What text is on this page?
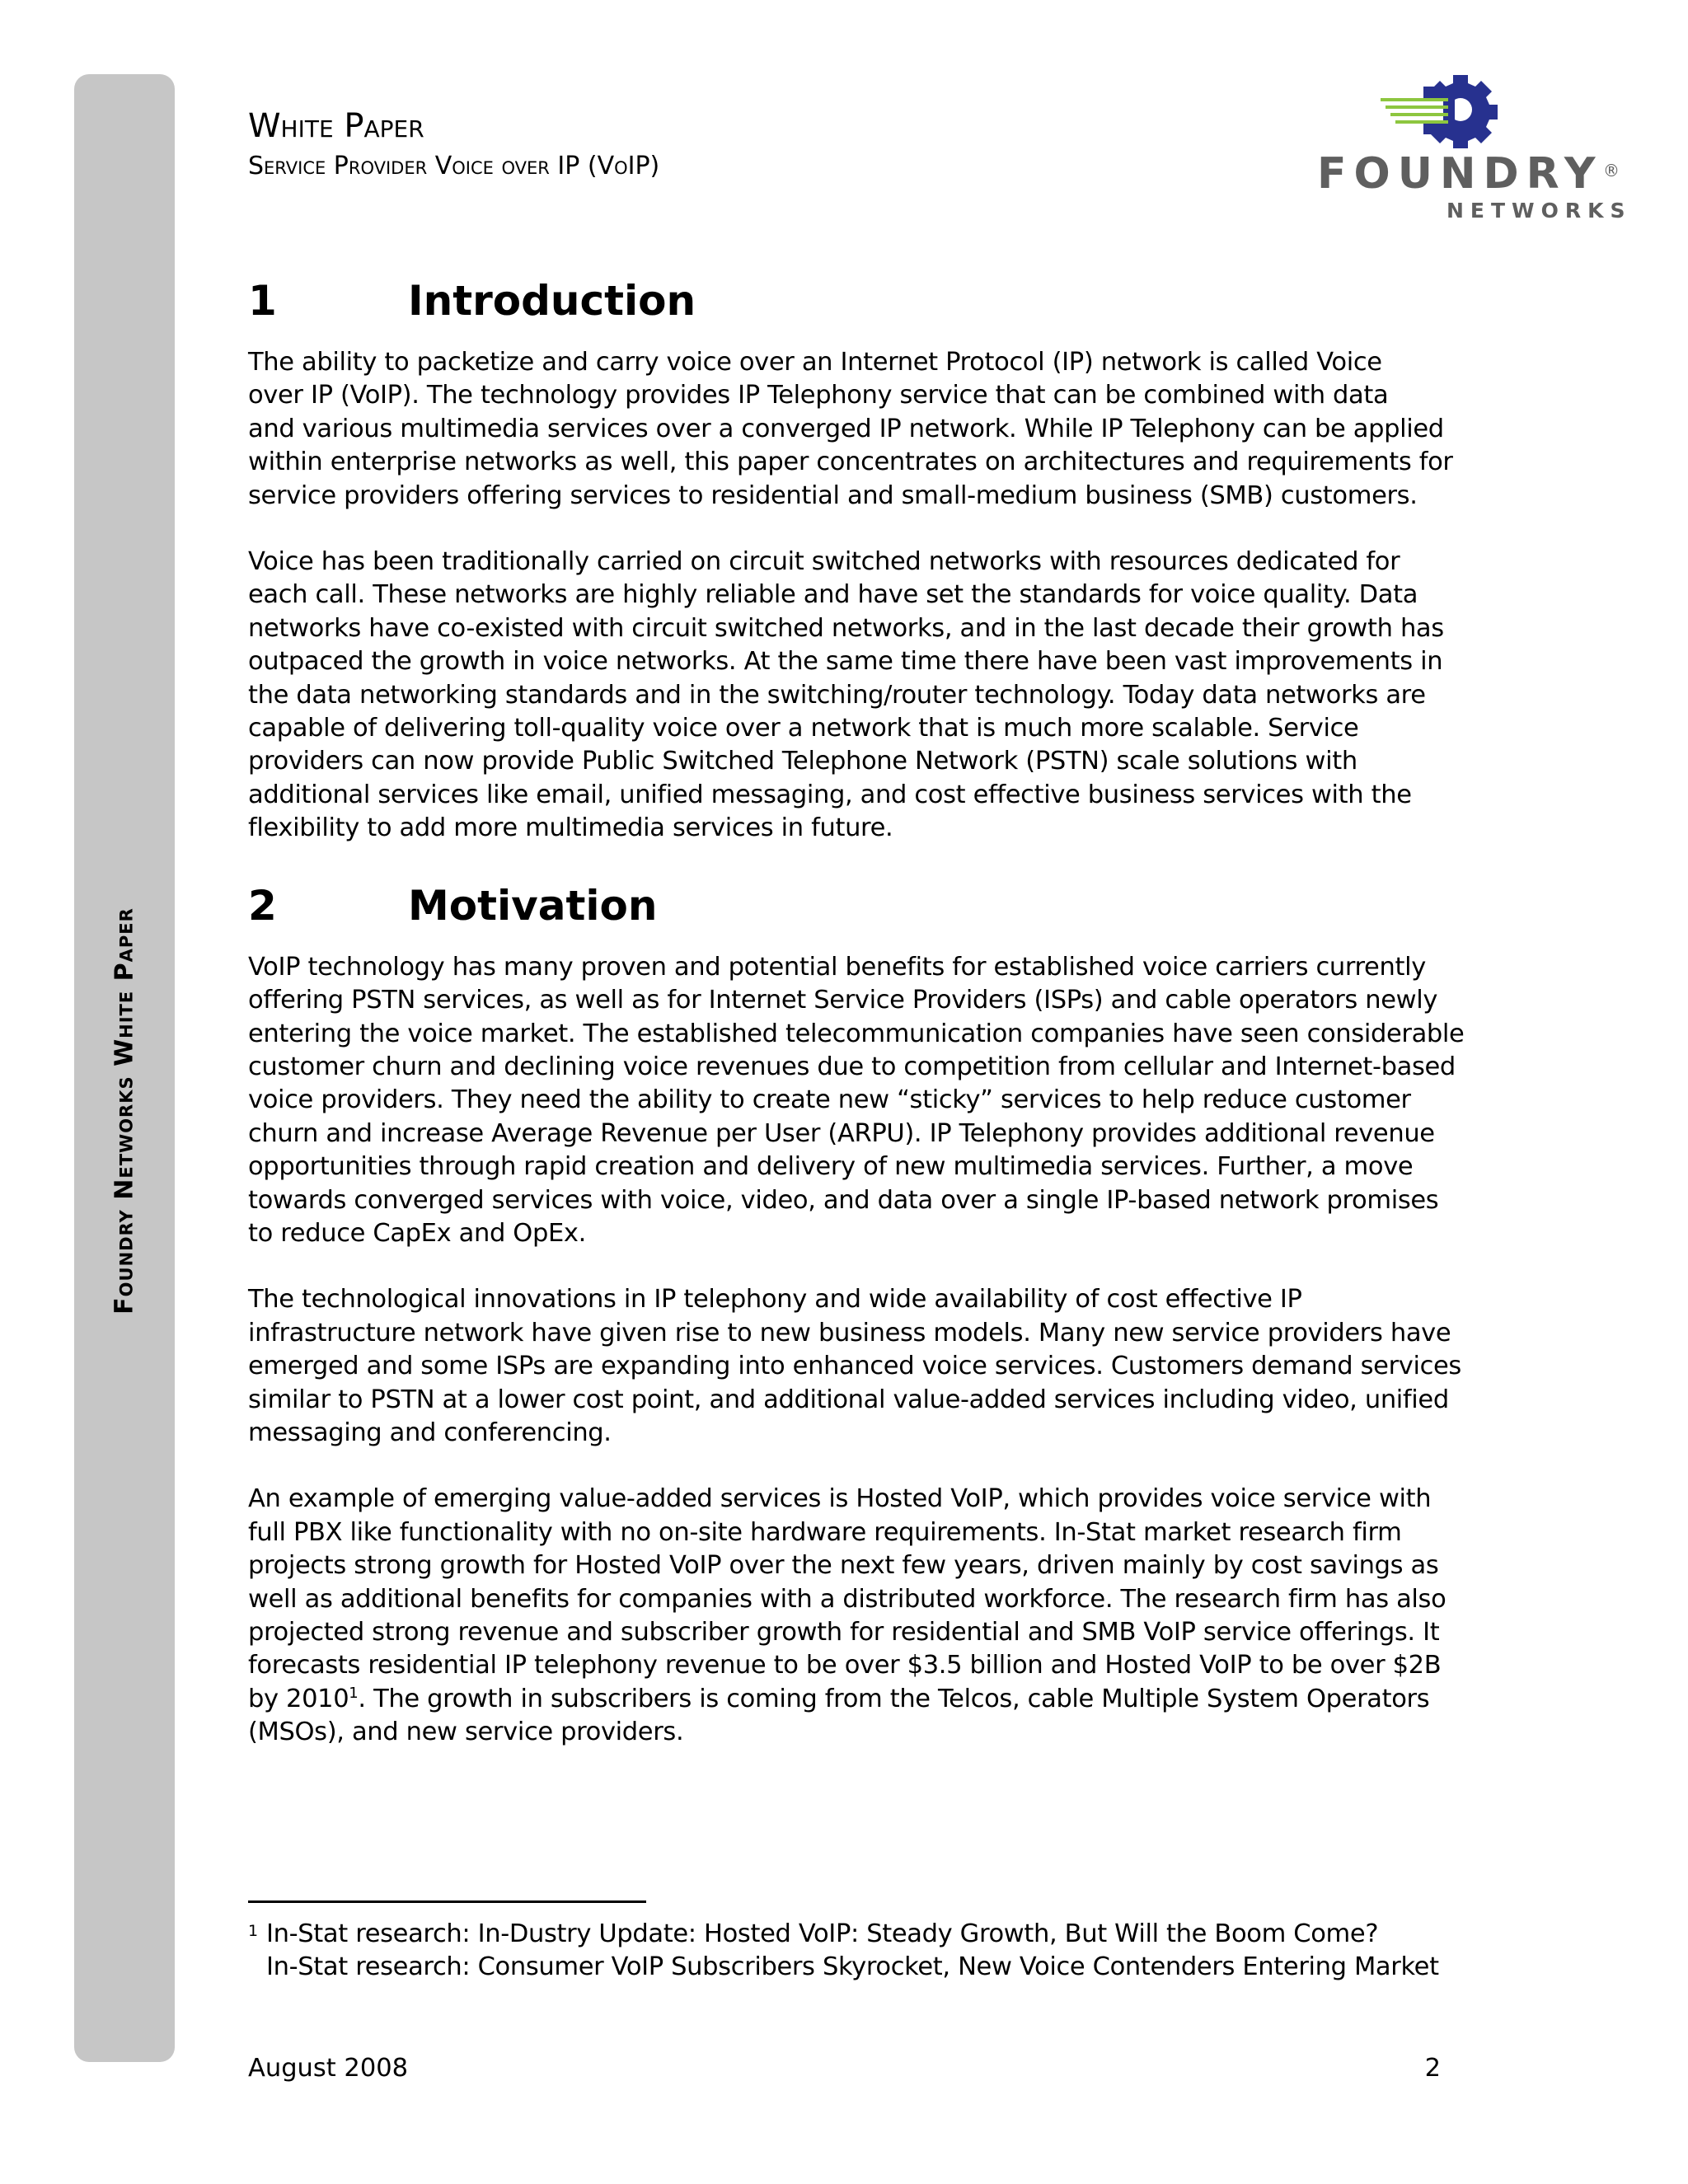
Foundry Networks White Paper

White Paper

Service Provider Voice over IP (VoIP)	FOUNDRY ®
NETWORKS
1	Introduction

The ability to packetize and carry voice over an Internet Protocol (IP) network is called Voice
over IP (VoIP). The technology provides IP Telephony service that can be combined with data
and various multimedia services over a converged IP network. While IP Telephony can be applied
within enterprise networks as well, this paper concentrates on architectures and requirements for
service providers offering services to residential and small-medium business (SMB) customers.

Voice has been traditionally carried on circuit switched networks with resources dedicated for
each call. These networks are highly reliable and have set the standards for voice quality. Data
networks have co-existed with circuit switched networks, and in the last decade their growth has
outpaced the growth in voice networks. At the same time there have been vast improvements in
the data networking standards and in the switching/router technology. Today data networks are
capable of delivering toll-quality voice over a network that is much more scalable. Service
providers can now provide Public Switched Telephone Network (PSTN) scale solutions with
additional services like email, unified messaging, and cost effective business services with the
flexibility to add more multimedia services in future.

2	Motivation

VoIP technology has many proven and potential benefits for established voice carriers currently
offering PSTN services, as well as for Internet Service Providers (ISPs) and cable operators newly
entering the voice market. The established telecommunication companies have seen considerable
customer churn and declining voice revenues due to competition from cellular and Internet-based
voice providers. They need the ability to create new “sticky” services to help reduce customer
churn and increase Average Revenue per User (ARPU). IP Telephony provides additional revenue
opportunities through rapid creation and delivery of new multimedia services. Further, a move
towards converged services with voice, video, and data over a single IP-based network promises
to reduce CapEx and OpEx.

The technological innovations in IP telephony and wide availability of cost effective IP
infrastructure network have given rise to new business models. Many new service providers have
emerged and some ISPs are expanding into enhanced voice services. Customers demand services
similar to PSTN at a lower cost point, and additional value-added services including video, unified
messaging and conferencing.

An example of emerging value-added services is Hosted VoIP, which provides voice service with
full PBX like functionality with no on-site hardware requirements. In-Stat market research firm
projects strong growth for Hosted VoIP over the next few years, driven mainly by cost savings as
well as additional benefits for companies with a distributed workforce. The research firm has also
projected strong revenue and subscriber growth for residential and SMB VoIP service offerings. It
forecasts residential IP telephony revenue to be over $3.5 billion and Hosted VoIP to be over $2B
by 2010$^1$. The growth in subscribers is coming from the Telcos, cable Multiple System Operators
(MSOs), and new service providers.

1 In-Stat research: In-Dustry Update: Hosted VoIP: Steady Growth, But Will the Boom Come?
In-Stat research: Consumer VoIP Subscribers Skyrocket, New Voice Contenders Entering Market
August 2008	2
